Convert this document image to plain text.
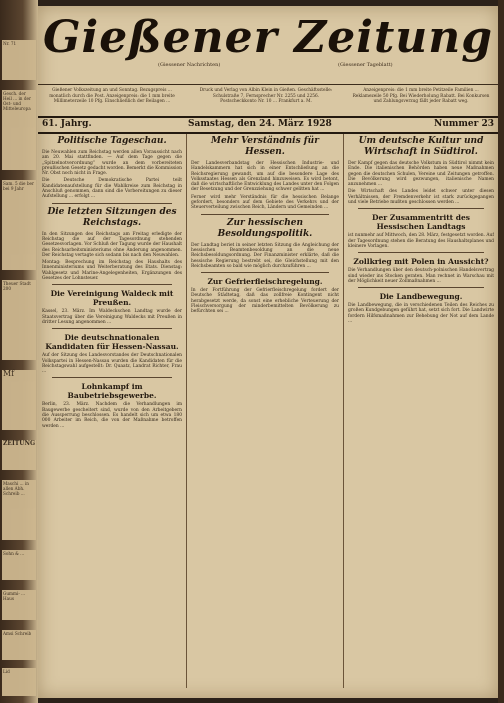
Nr. 71
Gesch. der Heil ... in der Ost- und Mitteleuropa
Sam. 5 die ber bei 9 Jahr
Theuer Stadt 200
Mf
ZEITUNG
Maschi ... in allen Abh. Schreib ...
Sohn & ...
Gummi- ... Haus
Amsi Schreib
Lid
Gießener Zeitung
(Giessener Nachrichten)	(Giessener Tageblatt)
Gießener Volkszeitung an und Sonntag. Bezugspreis ... monatlich durch die Post. Anzeigenpreis: die 1 mm breite Millimeterzeile 10 Pfg. Einschließlich der Beilagen ...
Druck und Verlag von Albin Klein in Gießen. Geschäftsstelle: Schulstraße 7, Fernsprecher Nr. 2255 und 2256. Postscheckkonto Nr. 10 ... Frankfurt a. M.
Anzeigenpreis: die 1 mm breite Petitzeile Familien ... Reklamezeile 50 Pfg. Bei Wiederholung Rabatt. Bei Konkursen und Zahlungsverzug fällt jeder Rabatt weg.
61. Jahrg.	Samstag, den 24. März 1928	Nummer 23
Politische Tageschau.

Die Neuwahlen zum Reichstag werden allen Voraussicht nach am 20. Mai stattfinden. — Auf dem Tage gegen die „Spitzelnotverordnung“ wurde an dem vorbereiteten preußischen Gesetz gedacht worden. Bemerkt die Kommission Nr. Obst noch nicht in Frage.

Die Deutsche Demokratische Partei teilt Kandidatenaufstellung für die Wahlkreise zum Reichstag in Anschluß genommen, dann sind die Vorbereitungen zu dieser Aufstellung ... erfolgt ...

Die letzten Sitzungen des Reichstags.

In den Sitzungen des Reichstags am Freitag erledigte der Reichstag die auf der Tagesordnung stehenden Gesetzesvorlagen. Vor Schluß der Tagung wurde der Haushalt des Reichsarbeitsministeriums ohne Änderung angenommen. Der Reichstag vertagte sich sodann bis nach den Neuwahlen.

Montag: Besprechung im Reichstag des Haushalts des Innenministeriums und Weiterberatung des Etats. Dienstag: Wahlgesetz und Marine-Angelegenheiten, Ergänzungen des Gesetzes der Lohnsteuer.

Die Vereinigung Waldeck mit Preußen.

Kassel, 23. März. Im Waldeckschen Landtag wurde der Staatsvertrag über die Vereinigung Waldecks mit Preußen in dritter Lesung angenommen ...

Die deutschnationalen Kandidaten für Hessen-Nassau.

Auf der Sitzung des Landesvorstandes der Deutschnationalen Volkspartei in Hessen-Nassau wurden die Kandidaten für die Reichstagswahl aufgestellt: Dr. Quaatz, Landrat Richter, Frau ...

Lohnkampf im Baubetriebsgewerbe.

Berlin, 23. März. Nachdem die Verhandlungen im Baugewerbe gescheitert sind, wurde von den Arbeitgebern die Aussperrung beschlossen. Es handelt sich um etwa 180 000 Arbeiter im Reich, die von der Maßnahme betroffen werden ...

Mehr Verständnis für Hessen.

Der Landesverbandstag der Hessischen Industrie- und Handelskammern hat sich in einer Entschließung an die Reichsregierung gewandt, um auf die besondere Lage des Volksstaates Hessen als Grenzland hinzuweisen. Es wird betont, daß die wirtschaftliche Entwicklung des Landes unter den Folgen der Besetzung und der Grenzziehung schwer gelitten hat ...

Ferner wird mehr Verständnis für die hessischen Belange gefordert, besonders auf dem Gebiete des Verkehrs und der Steuerverteilung zwischen Reich, Ländern und Gemeinden ...

Zur hessischen Besoldungspolitik.

Der Landtag beriet in seiner letzten Sitzung die Angleichung der hessischen Beamtenbesoldung an die neue Reichsbesoldungsordnung. Der Finanzminister erklärte, daß die hessische Regierung bestrebt sei, die Gleichstellung mit den Reichsbeamten so bald wie möglich durchzuführen ...

Zur Gefrierfleischregelung.

In der Fortführung der Gefrierfleischregelung fordert der Deutsche Städtetag, daß das zollfreie Kontingent nicht herabgesetzt werde, da sonst eine erhebliche Verteuerung der Fleischversorgung der minderbemittelten Bevölkerung zu befürchten sei ...

Um deutsche Kultur und Wirtschaft in Südtirol.

Der Kampf gegen das deutsche Volkstum in Südtirol nimmt kein Ende. Die italienischen Behörden haben neue Maßnahmen gegen die deutschen Schulen, Vereine und Zeitungen getroffen. Die Bevölkerung wird gezwungen, italienische Namen anzunehmen ...

Die Wirtschaft des Landes leidet schwer unter diesen Verhältnissen, der Fremdenverkehr ist stark zurückgegangen und viele Betriebe mußten geschlossen werden ...

Der Zusammentritt des Hessischen Landtags

ist nunmehr auf Mittwoch, den 28. März, festgesetzt worden. Auf der Tagesordnung stehen die Beratung des Haushaltsplanes und kleinere Vorlagen.

Zollkrieg mit Polen in Aussicht?

Die Verhandlungen über den deutsch-polnischen Handelsvertrag sind wieder ins Stocken geraten. Man rechnet in Warschau mit der Möglichkeit neuer Zollmaßnahmen ...

Die Landbewegung.

Die Landbewegung, die in verschiedenen Teilen des Reiches zu großen Kundgebungen geführt hat, setzt sich fort. Die Landwirte fordern Hilfsmaßnahmen zur Behebung der Not auf dem Lande ...
